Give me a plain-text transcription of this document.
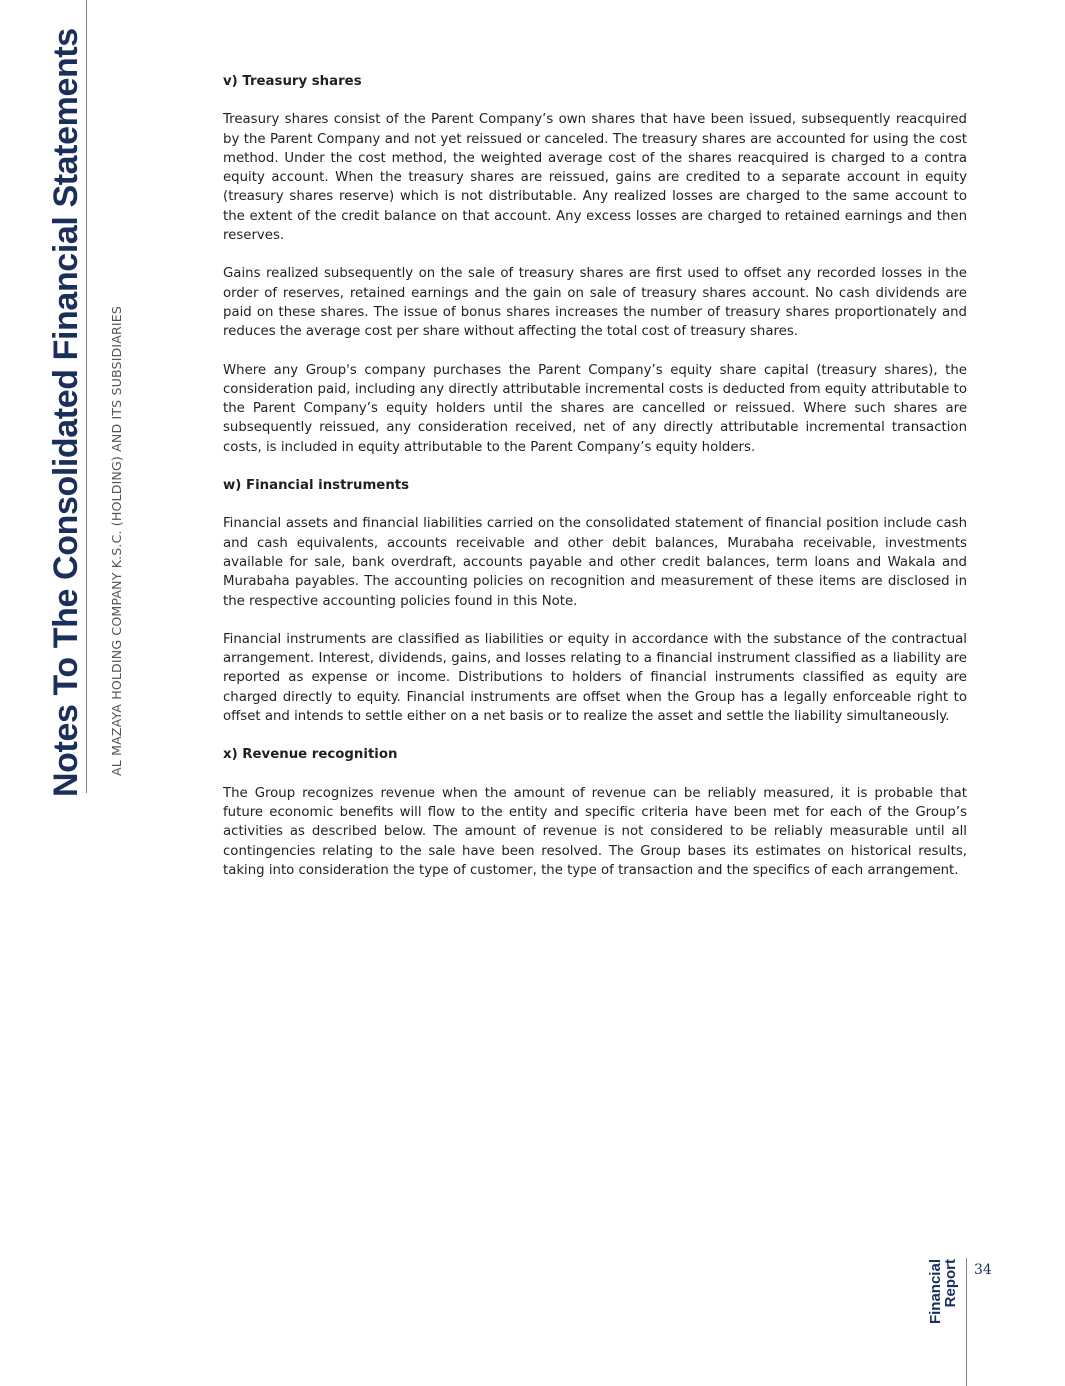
Notes To The Consolidated Financial Statements AL MAZAYA HOLDING COMPANY K.S.C. (HOLDING) AND ITS SUBSIDIARIES

v) Treasury shares

Treasury shares consist of the Parent Company’s own shares that have been issued, subsequently reacquired by the Parent Company and not yet reissued or canceled. The treasury shares are accounted for using the cost method. Under the cost method, the weighted average cost of the shares reacquired is charged to a contra equity account. When the treasury shares are reissued, gains are credited to a separate account in equity (treasury shares reserve) which is not distributable. Any realized losses are charged to the same account to the extent of the credit balance on that account. Any excess losses are charged to retained earnings and then reserves.

Gains realized subsequently on the sale of treasury shares are first used to offset any recorded losses in the order of reserves, retained earnings and the gain on sale of treasury shares account. No cash dividends are paid on these shares. The issue of bonus shares increases the number of treasury shares proportionately and reduces the average cost per share without affecting the total cost of treasury shares.

Where any Group's company purchases the Parent Company’s equity share capital (treasury shares), the consideration paid, including any directly attributable incremental costs is deducted from equity attributable to the Parent Company’s equity holders until the shares are cancelled or reissued. Where such shares are subsequently reissued, any consideration received, net of any directly attributable incremental transaction costs, is included in equity attributable to the Parent Company’s equity holders.

w) Financial instruments

Financial assets and financial liabilities carried on the consolidated statement of financial position include cash and cash equivalents, accounts receivable and other debit balances, Murabaha receivable, investments available for sale, bank overdraft, accounts payable and other credit balances, term loans and Wakala and Murabaha payables. The accounting policies on recognition and measurement of these items are disclosed in the respective accounting policies found in this Note.

Financial instruments are classified as liabilities or equity in accordance with the substance of the contractual arrangement. Interest, dividends, gains, and losses relating to a financial instrument classified as a liability are reported as expense or income. Distributions to holders of financial instruments classified as equity are charged directly to equity. Financial instruments are offset when the Group has a legally enforceable right to offset and intends to settle either on a net basis or to realize the asset and settle the liability simultaneously.

x) Revenue recognition

The Group recognizes revenue when the amount of revenue can be reliably measured, it is probable that future economic benefits will flow to the entity and specific criteria have been met for each of the Group’s activities as described below. The amount of revenue is not considered to be reliably measurable until all contingencies relating to the sale have been resolved. The Group bases its estimates on historical results, taking into consideration the type of customer, the type of transaction and the specifics of each arrangement.

Financial
Report 34
